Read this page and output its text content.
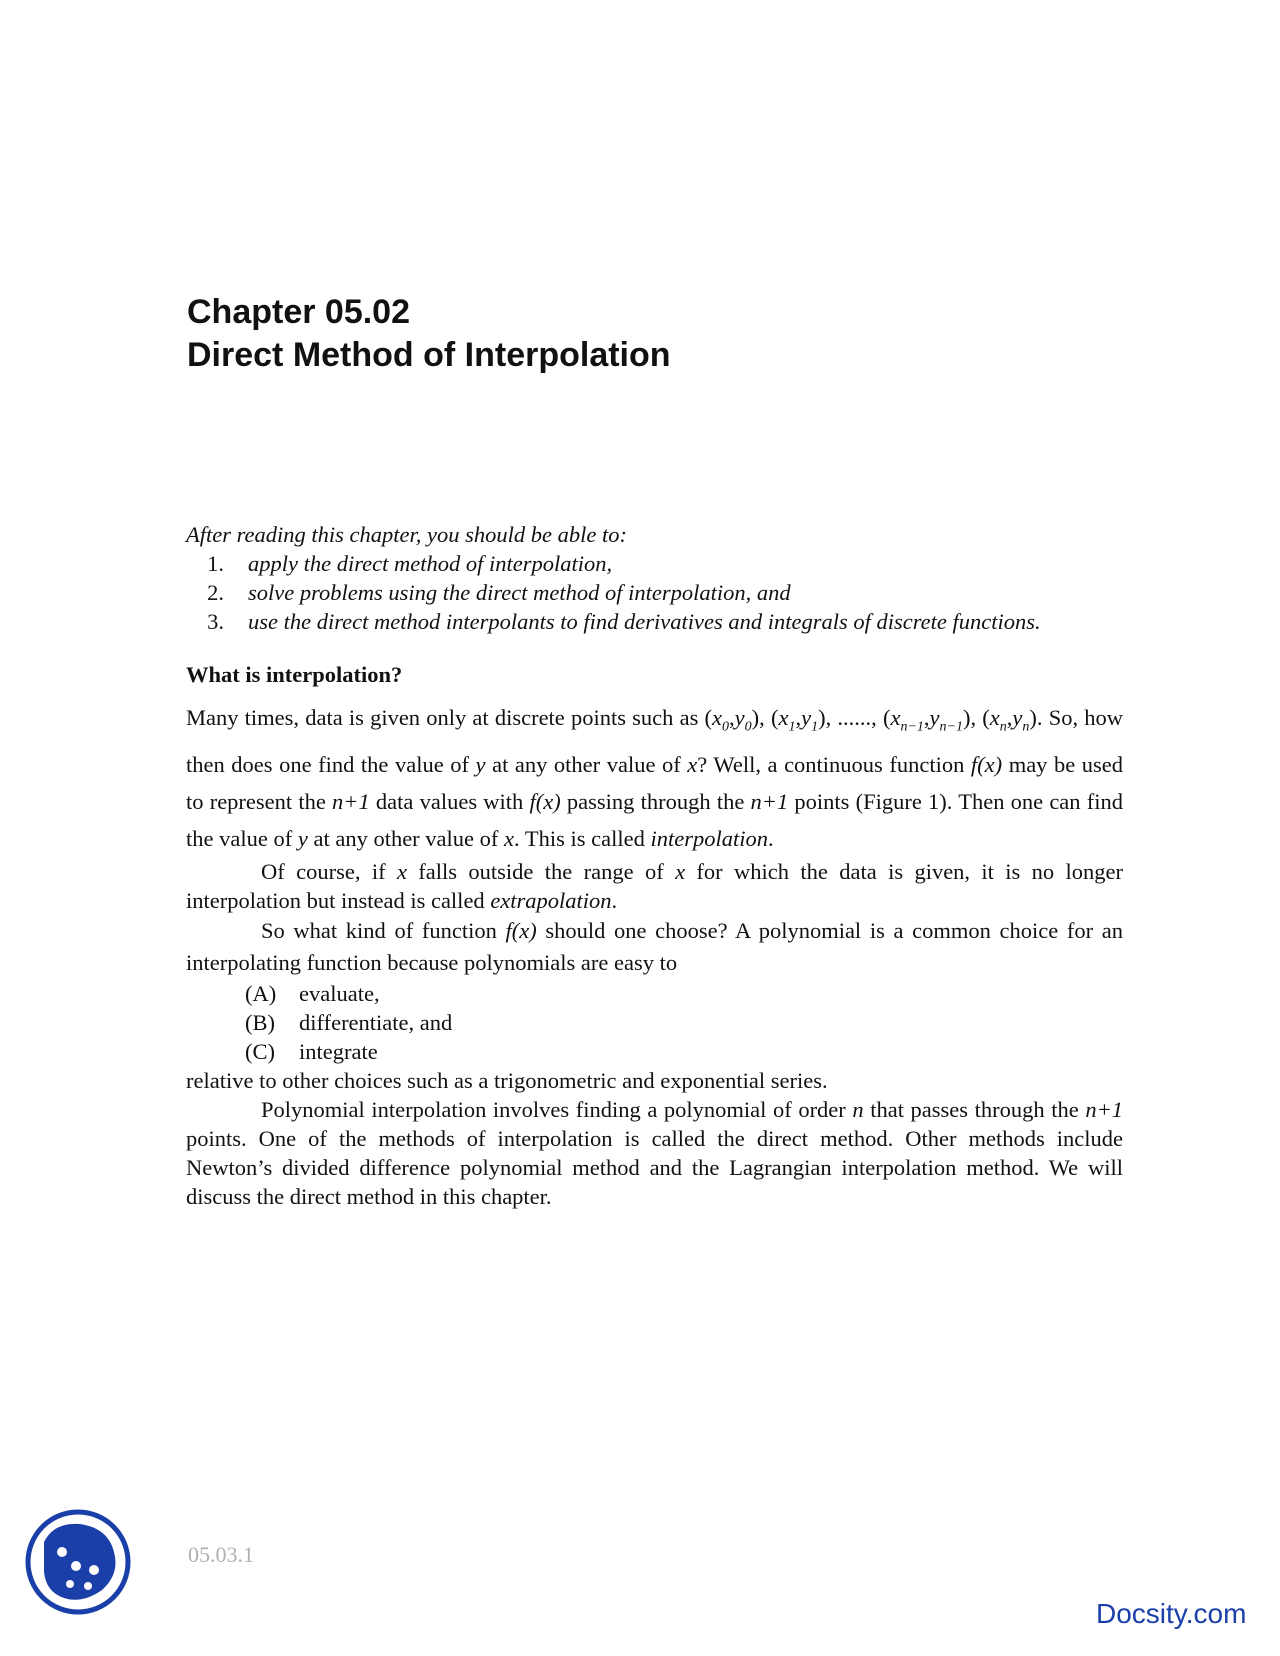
Chapter 05.02
Direct Method of Interpolation

After reading this chapter, you should be able to:

1.	apply the direct method of interpolation,
2.	solve problems using the direct method of interpolation, and
3.	use the direct method interpolants to find derivatives and integrals of discrete functions.
What is interpolation?

Many times, data is given only at discrete points such as $(x_0,y_0)$, $(x_1,y_1)$, ......, $(x_{n-1},y_{n-1})$, $(x_n,y_n)$. So, how then does one find the value of y at any other value of x? Well, a continuous function f(x) may be used to represent the n+1 data values with f(x) passing through the n+1 points (Figure 1). Then one can find the value of y at any other value of x. This is called interpolation.

Of course, if x falls outside the range of x for which the data is given, it is no longer interpolation but instead is called extrapolation.

So what kind of function f(x) should one choose? A polynomial is a common choice for an interpolating function because polynomials are easy to

(A)	evaluate,
(B)	differentiate, and
(C)	integrate

relative to other choices such as a trigonometric and exponential series.

Polynomial interpolation involves finding a polynomial of order n that passes through the n+1 points. One of the methods of interpolation is called the direct method. Other methods include Newton’s divided difference polynomial method and the Lagrangian interpolation method. We will discuss the direct method in this chapter.

05.03.1
Docsity.com
